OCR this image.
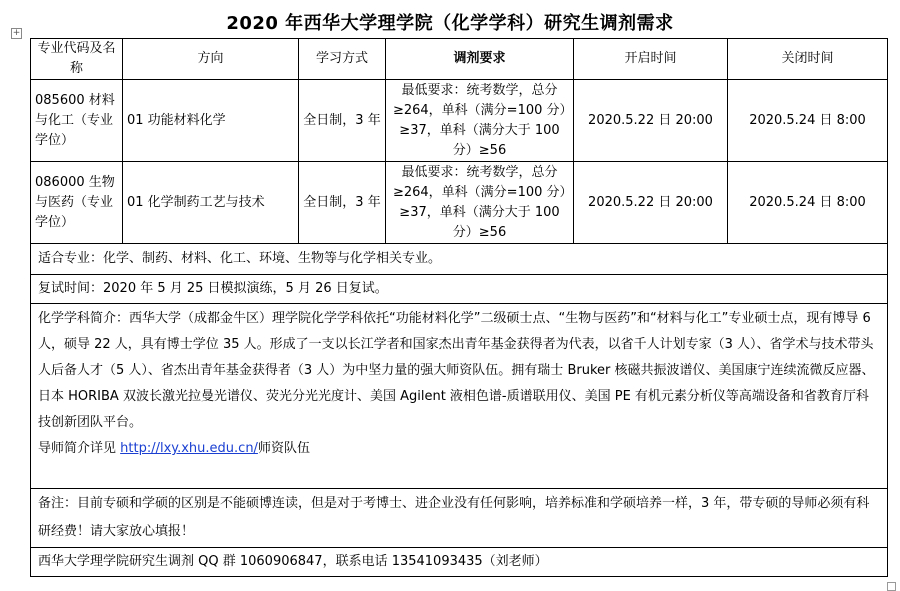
2020 年西华大学理学院（化学学科）研究生调剂需求
+
专业代码及名称	方向	学习方式	调剂要求	开启时间	关闭时间
085600 材料与化工（专业学位）	01 功能材料化学	全日制，3 年	最低要求：统考数学，总分≥264，单科（满分=100 分）≥37，单科（满分大于 100 分）≥56	2020.5.22 日 20:00	2020.5.24 日 8:00
086000 生物与医药（专业学位）	01 化学制药工艺与技术	全日制，3 年	最低要求：统考数学，总分≥264，单科（满分=100 分）≥37，单科（满分大于 100 分）≥56	2020.5.22 日 20:00	2020.5.24 日 8:00
适合专业：化学、制药、材料、化工、环境、生物等与化学相关专业。					
复试时间：2020 年 5 月 25 日模拟演练，5 月 26 日复试。					

化学学科简介：西华大学（成都金牛区）理学院化学学科依托“功能材料化学”二级硕士点、“生物与医药”和“材料与化工”专业硕士点，现有博导 6 人，硕导 22 人，具有博士学位 35 人。形成了一支以长江学者和国家杰出青年基金获得者为代表，以省千人计划专家（3 人）、省学术与技术带头人后备人才（5 人）、省杰出青年基金获得者（3 人）为中坚力量的强大师资队伍。拥有瑞士 Bruker 核磁共振波谱仪、美国康宁连续流微反应器、日本 HORIBA 双波长激光拉曼光谱仪、荧光分光光度计、美国 Agilent 液相色谱-质谱联用仪、美国 PE 有机元素分析仪等高端设备和省教育厅科技创新团队平台。
导师简介详见 http://lxy.xhu.edu.cn/师资队伍					

备注：目前专硕和学硕的区别是不能硕博连读，但是对于考博士、进企业没有任何影响，培养标准和学硕培养一样，3 年，带专硕的导师必须有科研经费！请大家放心填报！					
西华大学理学院研究生调剂 QQ 群 1060906847，联系电话 13541093435（刘老师）					
